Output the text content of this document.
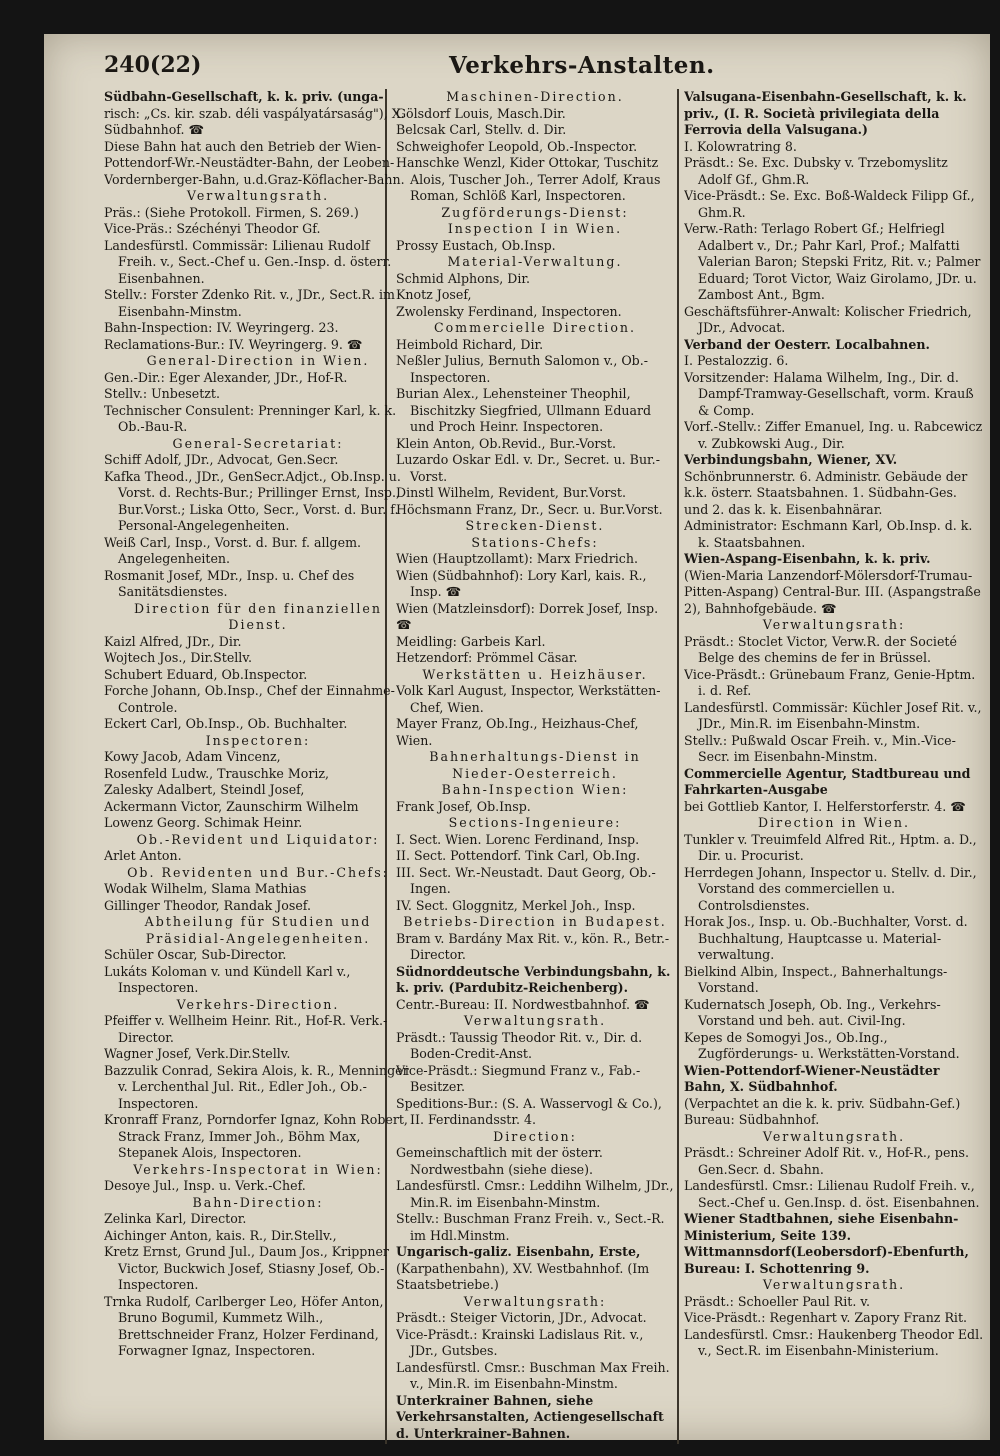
240(22)	Verkehrs-Anstalten.

Südbahn-Gesellschaft, k. k. priv. (unga-

risch: „Cs. kir. szab. déli vaspályatársaság"), X. Südbahnhof. ☎

Diese Bahn hat auch den Betrieb der Wien-Pottendorf-Wr.-Neustädter-Bahn, der Leoben-Vordernberger-Bahn, u.d.Graz-Köflacher-Bahn.

Verwaltungsrath.

Präs.: (Siehe Protokoll. Firmen, S. 269.)

Vice-Präs.: Széchényi Theodor Gf.

Landesfürstl. Commissär: Lilienau Rudolf Freih. v., Sect.-Chef u. Gen.-Insp. d. österr. Eisenbahnen.

Stellv.: Forster Zdenko Rit. v., JDr., Sect.R. im Eisenbahn-Minstm.

Bahn-Inspection: IV. Weyringerg. 23.

Reclamations-Bur.: IV. Weyringerg. 9. ☎

General-Direction in Wien.

Gen.-Dir.: Eger Alexander, JDr., Hof-R.

Stellv.: Unbesetzt.

Technischer Consulent: Prenninger Karl, k. k. Ob.-Bau-R.

General-Secretariat:

Schiff Adolf, JDr., Advocat, Gen.Secr.

Kafka Theod., JDr., GenSecr.Adjct., Ob.Insp. u. Vorst. d. Rechts-Bur.; Prillinger Ernst, Insp., Bur.Vorst.; Liska Otto, Secr., Vorst. d. Bur. f. Personal-Angelegenheiten.

Weiß Carl, Insp., Vorst. d. Bur. f. allgem. Angelegenheiten.

Rosmanit Josef, MDr., Insp. u. Chef des Sanitätsdienstes.

Direction für den finanziellen Dienst.

Kaizl Alfred, JDr., Dir.

Wojtech Jos., Dir.Stellv.

Schubert Eduard, Ob.Inspector.

Forche Johann, Ob.Insp., Chef der Einnahme-Controle.

Eckert Carl, Ob.Insp., Ob. Buchhalter.

Inspectoren:

Kowy Jacob, Adam Vincenz,

Rosenfeld Ludw., Trauschke Moriz,

Zalesky Adalbert, Steindl Josef,

Ackermann Victor, Zaunschirm Wilhelm

Lowenz Georg. Schimak Heinr.

Ob.-Revident und Liquidator:

Arlet Anton.

Ob. Revidenten und Bur.-Chefs:

Wodak Wilhelm, Slama Mathias

Gillinger Theodor, Randak Josef.

Abtheilung für Studien und Präsidial-Angelegenheiten.

Schüler Oscar, Sub-Director.

Lukáts Koloman v. und Kündell Karl v., Inspectoren.

Verkehrs-Direction.

Pfeiffer v. Wellheim Heinr. Rit., Hof-R. Verk.-Director.

Wagner Josef, Verk.Dir.Stellv.

Bazzulik Conrad, Sekira Alois, k. R., Menninger v. Lerchenthal Jul. Rit., Edler Joh., Ob.-Inspectoren.

Kronraff Franz, Porndorfer Ignaz, Kohn Robert, Strack Franz, Immer Joh., Böhm Max, Stepanek Alois, Inspectoren.

Verkehrs-Inspectorat in Wien:

Desoye Jul., Insp. u. Verk.-Chef.

Bahn-Direction:

Zelinka Karl, Director.

Aichinger Anton, kais. R., Dir.Stellv.,

Kretz Ernst, Grund Jul., Daum Jos., Krippner Victor, Buckwich Josef, Stiasny Josef, Ob.-Inspectoren.

Trnka Rudolf, Carlberger Leo, Höfer Anton, Bruno Bogumil, Kummetz Wilh., Brettschneider Franz, Holzer Ferdinand, Forwagner Ignaz, Inspectoren.

Maschinen-Direction.

Gölsdorf Louis, Masch.Dir.

Belcsak Carl, Stellv. d. Dir.

Schweighofer Leopold, Ob.-Inspector.

Hanschke Wenzl, Kider Ottokar, Tuschitz Alois, Tuscher Joh., Terrer Adolf, Kraus Roman, Schlöß Karl, Inspectoren.

Zugförderungs-Dienst:

Inspection I in Wien.

Prossy Eustach, Ob.Insp.

Material-Verwaltung.

Schmid Alphons, Dir.

Knotz Josef,

Zwolensky Ferdinand, Inspectoren.

Commercielle Direction.

Heimbold Richard, Dir.

Neßler Julius, Bernuth Salomon v., Ob.-Inspectoren.

Burian Alex., Lehensteiner Theophil, Bischitzky Siegfried, Ullmann Eduard und Proch Heinr. Inspectoren.

Klein Anton, Ob.Revid., Bur.-Vorst.

Luzardo Oskar Edl. v. Dr., Secret. u. Bur.-Vorst.

Dinstl Wilhelm, Revident, Bur.Vorst.

Höchsmann Franz, Dr., Secr. u. Bur.Vorst.

Strecken-Dienst.

Stations-Chefs:

Wien (Hauptzollamt): Marx Friedrich.

Wien (Südbahnhof): Lory Karl, kais. R., Insp. ☎

Wien (Matzleinsdorf): Dorrek Josef, Insp. ☎

Meidling: Garbeis Karl.

Hetzendorf: Prömmel Cäsar.

Werkstätten u. Heizhäuser.

Volk Karl August, Inspector, Werkstätten-Chef, Wien.

Mayer Franz, Ob.Ing., Heizhaus-Chef, Wien.

Bahnerhaltungs-Dienst in Nieder-Oesterreich.

Bahn-Inspection Wien:

Frank Josef, Ob.Insp.

Sections-Ingenieure:

I. Sect. Wien. Lorenc Ferdinand, Insp.

II. Sect. Pottendorf. Tink Carl, Ob.Ing.

III. Sect. Wr.-Neustadt. Daut Georg, Ob.-Ingen.

IV. Sect. Gloggnitz, Merkel Joh., Insp.

Betriebs-Direction in Budapest.

Bram v. Bardány Max Rit. v., kön. R., Betr.-Director.

Südnorddeutsche Verbindungsbahn, k. k. priv. (Pardubitz-Reichenberg).

Centr.-Bureau: II. Nordwestbahnhof. ☎

Verwaltungsrath.

Präsdt.: Taussig Theodor Rit. v., Dir. d. Boden-Credit-Anst.

Vice-Präsdt.: Siegmund Franz v., Fab.-Besitzer.

Speditions-Bur.: (S. A. Wasservogl & Co.), II. Ferdinandsstr. 4.

Direction:

Gemeinschaftlich mit der österr. Nordwestbahn (siehe diese).

Landesfürstl. Cmsr.: Leddihn Wilhelm, JDr., Min.R. im Eisenbahn-Minstm.

Stellv.: Buschman Franz Freih. v., Sect.-R. im Hdl.Minstm.

Ungarisch-galiz. Eisenbahn, Erste,

(Karpathenbahn), XV. Westbahnhof. (Im Staatsbetriebe.)

Verwaltungsrath:

Präsdt.: Steiger Victorin, JDr., Advocat.

Vice-Präsdt.: Krainski Ladislaus Rit. v., JDr., Gutsbes.

Landesfürstl. Cmsr.: Buschman Max Freih. v., Min.R. im Eisenbahn-Minstm.

Unterkrainer Bahnen, siehe Verkehrsanstalten, Actiengesellschaft d. Unterkrainer-Bahnen.

Valsugana-Eisenbahn-Gesellschaft, k. k. priv., (I. R. Società privilegiata della Ferrovia della Valsugana.)

I. Kolowratring 8.

Präsdt.: Se. Exc. Dubsky v. Trzebomyslitz Adolf Gf., Ghm.R.

Vice-Präsdt.: Se. Exc. Boß-Waldeck Filipp Gf., Ghm.R.

Verw.-Rath: Terlago Robert Gf.; Helfriegl Adalbert v., Dr.; Pahr Karl, Prof.; Malfatti Valerian Baron; Stepski Fritz, Rit. v.; Palmer Eduard; Torot Victor, Waiz Girolamo, JDr. u. Zambost Ant., Bgm.

Geschäftsführer-Anwalt: Kolischer Friedrich, JDr., Advocat.

Verband der Oesterr. Localbahnen.

I. Pestalozzig. 6.

Vorsitzender: Halama Wilhelm, Ing., Dir. d. Dampf-Tramway-Gesellschaft, vorm. Krauß & Comp.

Vorf.-Stellv.: Ziffer Emanuel, Ing. u. Rabcewicz v. Zubkowski Aug., Dir.

Verbindungsbahn, Wiener, XV.

Schönbrunnerstr. 6. Administr. Gebäude der k.k. österr. Staatsbahnen. 1. Südbahn-Ges. und 2. das k. k. Eisenbahnärar.

Administrator: Eschmann Karl, Ob.Insp. d. k. k. Staatsbahnen.

Wien-Aspang-Eisenbahn, k. k. priv.

(Wien-Maria Lanzendorf-Mölersdorf-Trumau-Pitten-Aspang) Central-Bur. III. (Aspangstraße 2), Bahnhofgebäude. ☎

Verwaltungsrath:

Präsdt.: Stoclet Victor, Verw.R. der Societé Belge des chemins de fer in Brüssel.

Vice-Präsdt.: Grünebaum Franz, Genie-Hptm. i. d. Ref.

Landesfürstl. Commissär: Küchler Josef Rit. v., JDr., Min.R. im Eisenbahn-Minstm.

Stellv.: Pußwald Oscar Freih. v., Min.-Vice-Secr. im Eisenbahn-Minstm.

Commercielle Agentur, Stadtbureau und Fahrkarten-Ausgabe

bei Gottlieb Kantor, I. Helferstorferstr. 4. ☎

Direction in Wien.

Tunkler v. Treuimfeld Alfred Rit., Hptm. a. D., Dir. u. Procurist.

Herrdegen Johann, Inspector u. Stellv. d. Dir., Vorstand des commerciellen u. Controlsdienstes.

Horak Jos., Insp. u. Ob.-Buchhalter, Vorst. d. Buchhaltung, Hauptcasse u. Material-verwaltung.

Bielkind Albin, Inspect., Bahnerhaltungs-Vorstand.

Kudernatsch Joseph, Ob. Ing., Verkehrs-Vorstand und beh. aut. Civil-Ing.

Kepes de Somogyi Jos., Ob.Ing., Zugförderungs- u. Werkstätten-Vorstand.

Wien-Pottendorf-Wiener-Neustädter Bahn, X. Südbahnhof.

(Verpachtet an die k. k. priv. Südbahn-Gef.)

Bureau: Südbahnhof.

Verwaltungsrath.

Präsdt.: Schreiner Adolf Rit. v., Hof-R., pens. Gen.Secr. d. Sbahn.

Landesfürstl. Cmsr.: Lilienau Rudolf Freih. v., Sect.-Chef u. Gen.Insp. d. öst. Eisenbahnen.

Wiener Stadtbahnen, siehe Eisenbahn-Ministerium, Seite 139.

Wittmannsdorf(Leobersdorf)-Ebenfurth, Bureau: I. Schottenring 9.

Verwaltungsrath.

Präsdt.: Schoeller Paul Rit. v.

Vice-Präsdt.: Regenhart v. Zapory Franz Rit.

Landesfürstl. Cmsr.: Haukenberg Theodor Edl. v., Sect.R. im Eisenbahn-Ministerium.
